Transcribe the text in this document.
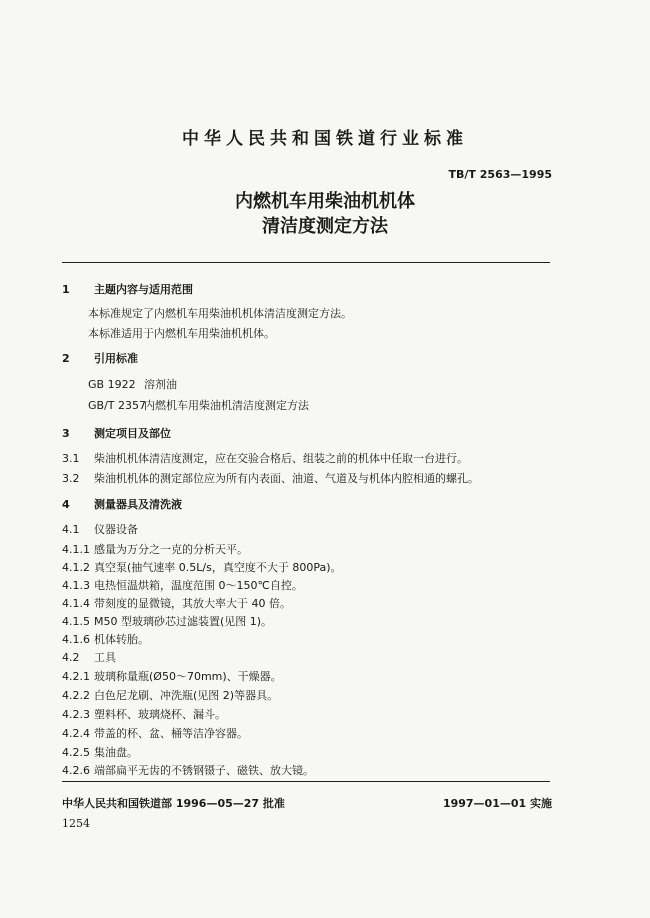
中华人民共和国铁道行业标准
TB/T 2563—1995
内燃机车用柴油机机体
清洁度测定方法
1 主题内容与适用范围
本标准规定了内燃机车用柴油机机体清洁度测定方法。
本标准适用于内燃机车用柴油机机体。
2 引用标准
GB 1922 溶剂油
GB/T 2357内燃机车用柴油机清洁度测定方法
3 测定项目及部位
3.1 柴油机机体清洁度测定，应在交验合格后、组装之前的机体中任取一台进行。
3.2 柴油机机体的测定部位应为所有内表面、油道、气道及与机体内腔相通的螺孔。
4 测量器具及清洗液
4.1 仪器设备
4.1.1 感量为万分之一克的分析天平。
4.1.2 真空泵(抽气速率 0.5L/s，真空度不大于 800Pa)。
4.1.3 电热恒温烘箱，温度范围 0～150℃自控。
4.1.4 带刻度的显微镜，其放大率大于 40 倍。
4.1.5 M50 型玻璃砂芯过滤装置(见图 1)。
4.1.6 机体转胎。
4.2 工具
4.2.1 玻璃称量瓶(Ø50～70mm)、干燥器。
4.2.2 白色尼龙刷、冲洗瓶(见图 2)等器具。
4.2.3 塑料杯、玻璃烧杯、漏斗。
4.2.4 带盖的杯、盆、桶等洁净容器。
4.2.5 集油盘。
4.2.6 端部扁平无齿的不锈钢镊子、磁铁、放大镜。
中华人民共和国铁道部 1996—05—27 批准	1997—01—01 实施
1254
